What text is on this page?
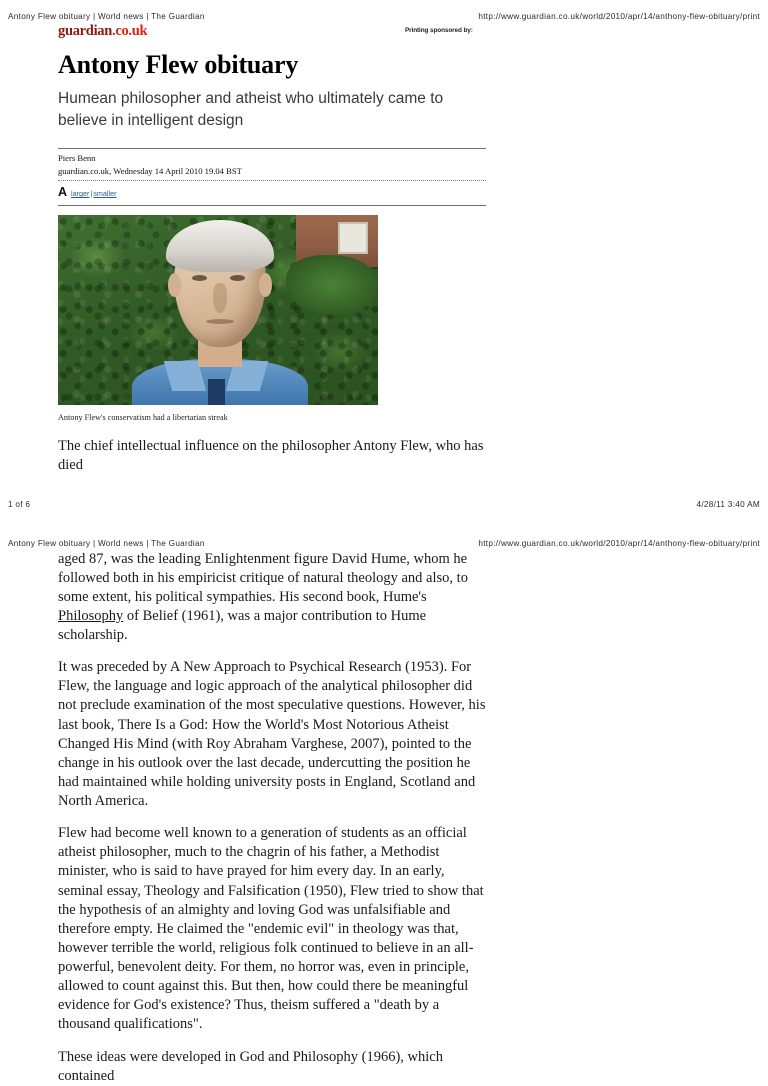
Antony Flew obituary | World news | The Guardian	http://www.guardian.co.uk/world/2010/apr/14/anthony-flew-obituary/print
guardian.co.uk	Printing sponsored by:
Antony Flew obituary
Humean philosopher and atheist who ultimately came to believe in intelligent design
Piers Benn
guardian.co.uk, Wednesday 14 April 2010 19.04 BST
A larger|smaller
Antony Flew's conservatism had a libertarian streak

The chief intellectual influence on the philosopher Antony Flew, who has died

1 of 6	4/28/11 3:40 AM
Antony Flew obituary | World news | The Guardian	http://www.guardian.co.uk/world/2010/apr/14/anthony-flew-obituary/print

aged 87, was the leading Enlightenment figure David Hume, whom he followed both in his empiricist critique of natural theology and also, to some extent, his political sympathies. His second book, Hume's Philosophy of Belief (1961), was a major contribution to Hume scholarship.

It was preceded by A New Approach to Psychical Research (1953). For Flew, the language and logic approach of the analytical philosopher did not preclude examination of the most speculative questions. However, his last book, There Is a God: How the World's Most Notorious Atheist Changed His Mind (with Roy Abraham Varghese, 2007), pointed to the change in his outlook over the last decade, undercutting the position he had maintained while holding university posts in England, Scotland and North America.

Flew had become well known to a generation of students as an official atheist philosopher, much to the chagrin of his father, a Methodist minister, who is said to have prayed for him every day. In an early, seminal essay, Theology and Falsification (1950), Flew tried to show that the hypothesis of an almighty and loving God was unfalsifiable and therefore empty. He claimed the "endemic evil" in theology was that, however terrible the world, religious folk continued to believe in an all-powerful, benevolent deity. For them, no horror was, even in principle, allowed to count against this. But then, how could there be meaningful evidence for God's existence? Thus, theism suffered a "death by a thousand qualifications".

These ideas were developed in God and Philosophy (1966), which contained
